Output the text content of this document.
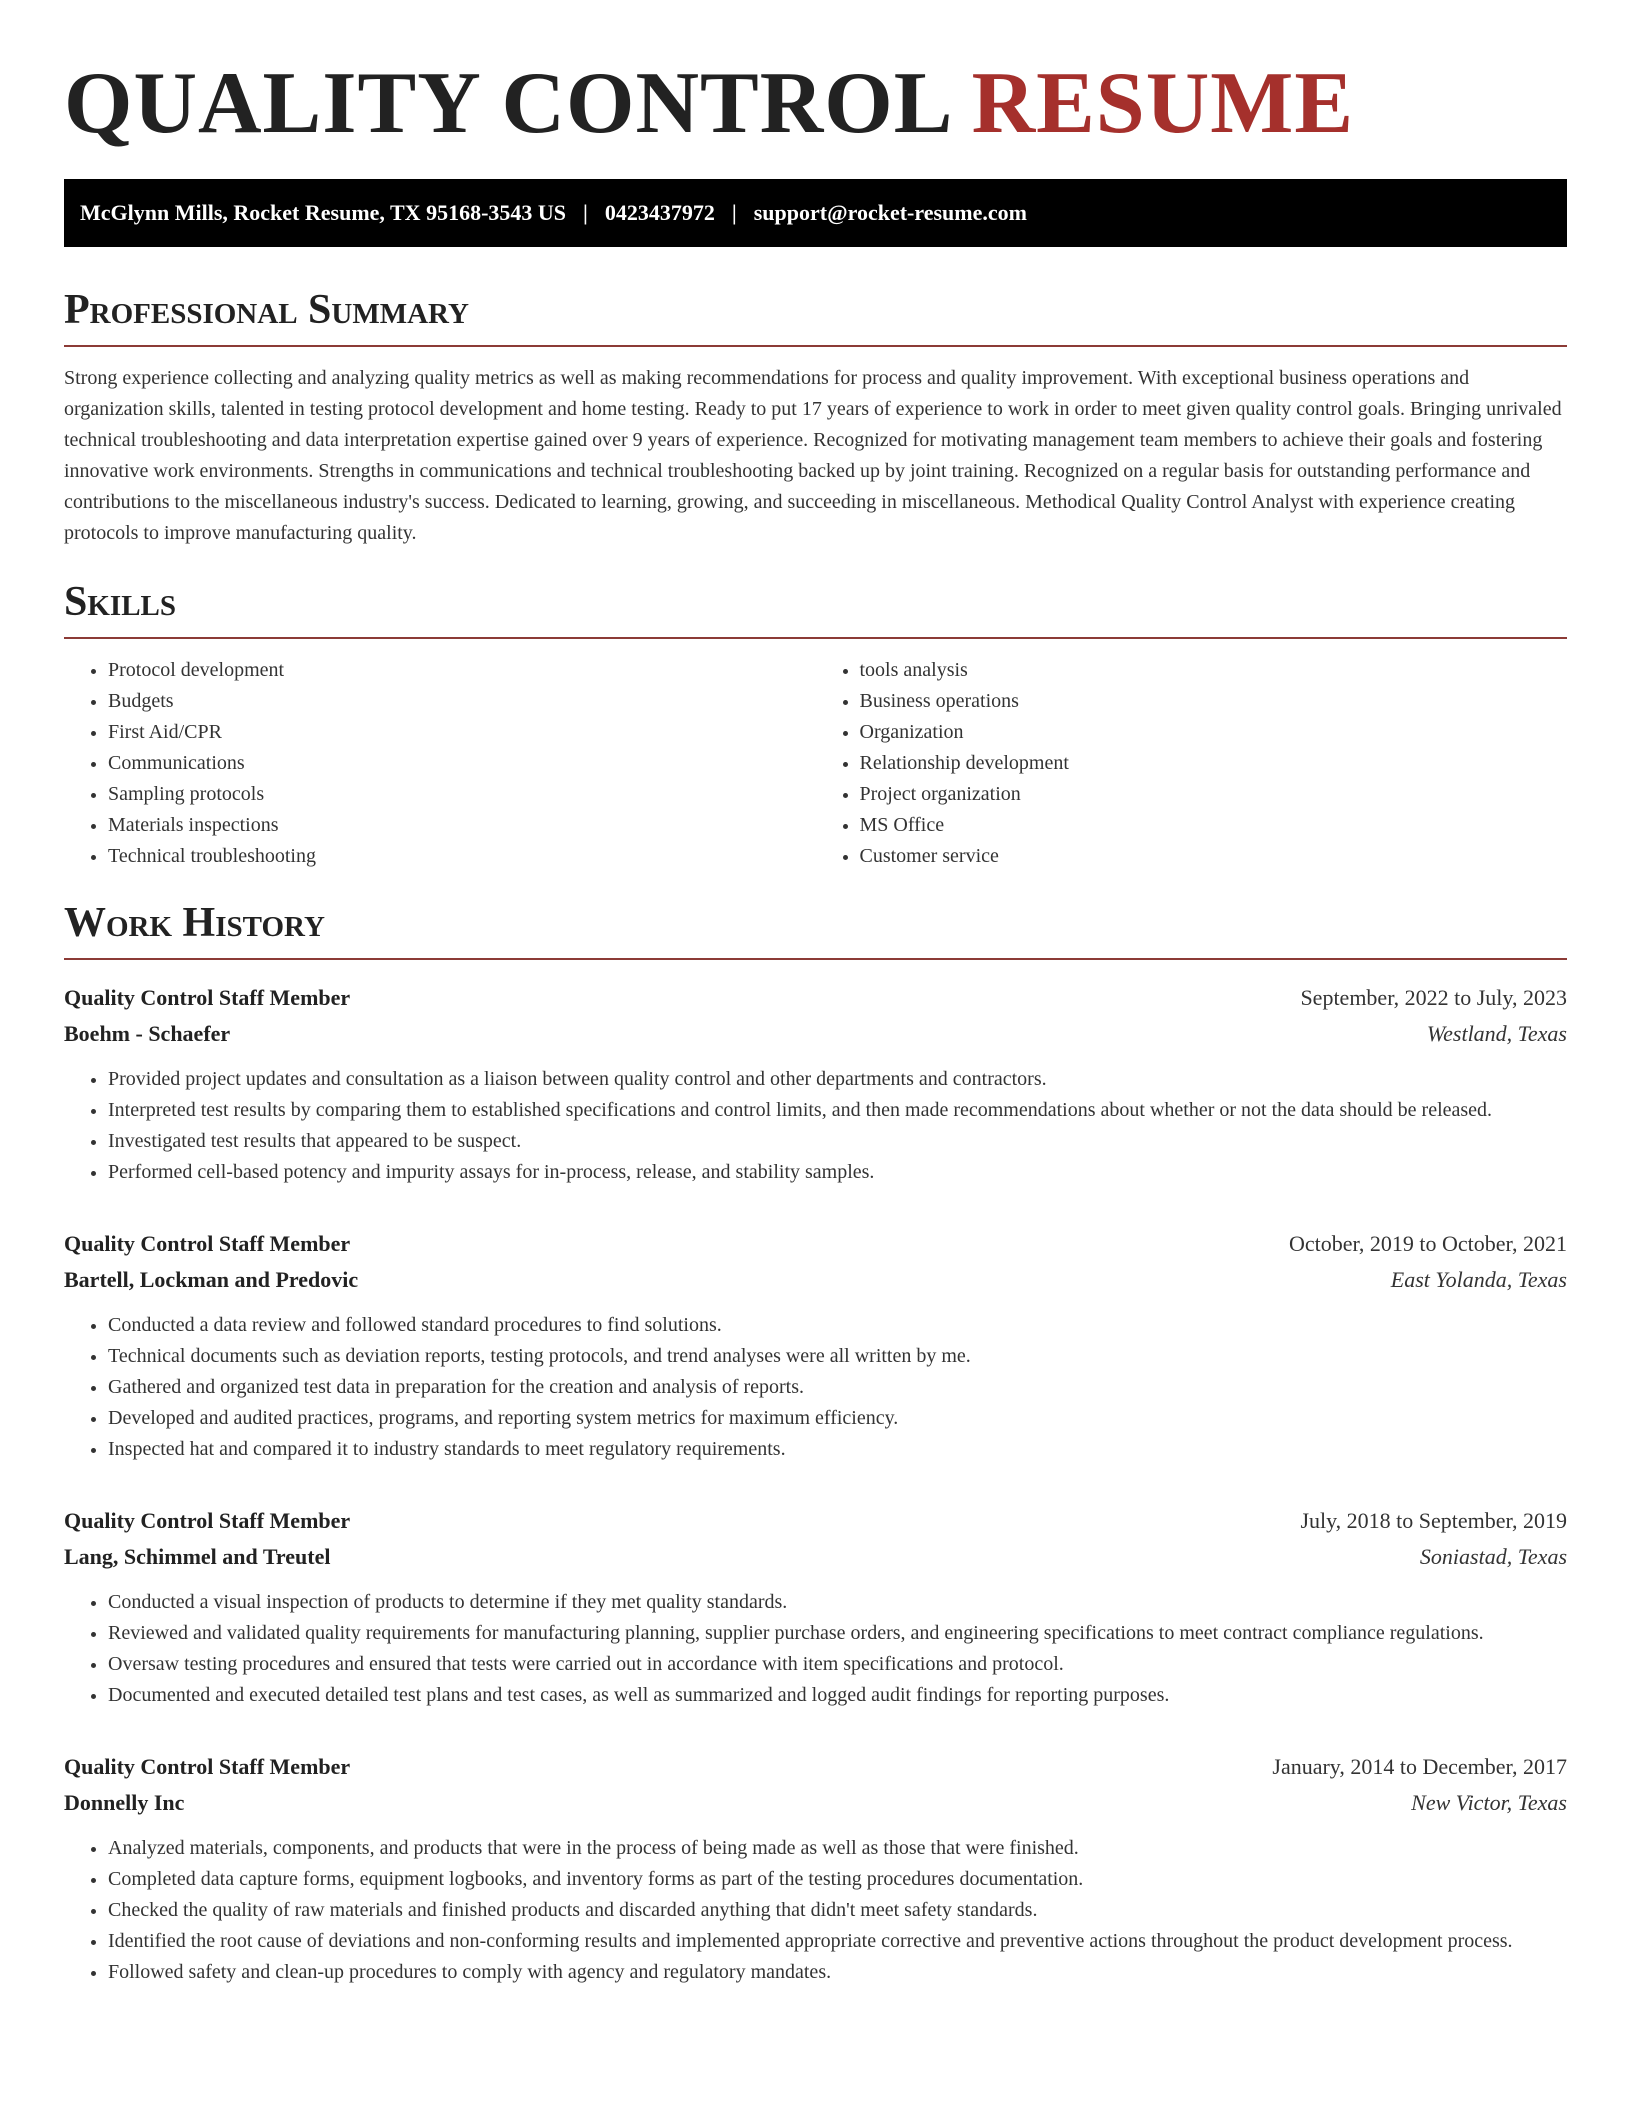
QUALITY CONTROL RESUME
McGlynn Mills, Rocket Resume, TX 95168-3543 US | 0423437972 | support@rocket-resume.com
Professional Summary

Strong experience collecting and analyzing quality metrics as well as making recommendations for process and quality improvement. With exceptional business operations and organization skills, talented in testing protocol development and home testing. Ready to put 17 years of experience to work in order to meet given quality control goals. Bringing unrivaled technical troubleshooting and data interpretation expertise gained over 9 years of experience. Recognized for motivating management team members to achieve their goals and fostering innovative work environments. Strengths in communications and technical troubleshooting backed up by joint training. Recognized on a regular basis for outstanding performance and contributions to the miscellaneous industry's success. Dedicated to learning, growing, and succeeding in miscellaneous. Methodical Quality Control Analyst with experience creating protocols to improve manufacturing quality.

Skills
• Protocol development
• Budgets
• First Aid/CPR
• Communications
• Sampling protocols
• Materials inspections
• Technical troubleshooting
• tools analysis
• Business operations
• Organization
• Relationship development
• Project organization
• MS Office
• Customer service
Work History
Quality Control Staff Member	September, 2022 to July, 2023
Boehm - Schaefer	Westland, Texas
• Provided project updates and consultation as a liaison between quality control and other departments and contractors.
• Interpreted test results by comparing them to established specifications and control limits, and then made recommendations about whether or not the data should be released.
• Investigated test results that appeared to be suspect.
• Performed cell-based potency and impurity assays for in-process, release, and stability samples.
Quality Control Staff Member	October, 2019 to October, 2021
Bartell, Lockman and Predovic	East Yolanda, Texas
• Conducted a data review and followed standard procedures to find solutions.
• Technical documents such as deviation reports, testing protocols, and trend analyses were all written by me.
• Gathered and organized test data in preparation for the creation and analysis of reports.
• Developed and audited practices, programs, and reporting system metrics for maximum efficiency.
• Inspected hat and compared it to industry standards to meet regulatory requirements.
Quality Control Staff Member	July, 2018 to September, 2019
Lang, Schimmel and Treutel	Soniastad, Texas
• Conducted a visual inspection of products to determine if they met quality standards.
• Reviewed and validated quality requirements for manufacturing planning, supplier purchase orders, and engineering specifications to meet contract compliance regulations.
• Oversaw testing procedures and ensured that tests were carried out in accordance with item specifications and protocol.
• Documented and executed detailed test plans and test cases, as well as summarized and logged audit findings for reporting purposes.
Quality Control Staff Member	January, 2014 to December, 2017
Donnelly Inc	New Victor, Texas
• Analyzed materials, components, and products that were in the process of being made as well as those that were finished.
• Completed data capture forms, equipment logbooks, and inventory forms as part of the testing procedures documentation.
• Checked the quality of raw materials and finished products and discarded anything that didn't meet safety standards.
• Identified the root cause of deviations and non-conforming results and implemented appropriate corrective and preventive actions throughout the product development process.
• Followed safety and clean-up procedures to comply with agency and regulatory mandates.
